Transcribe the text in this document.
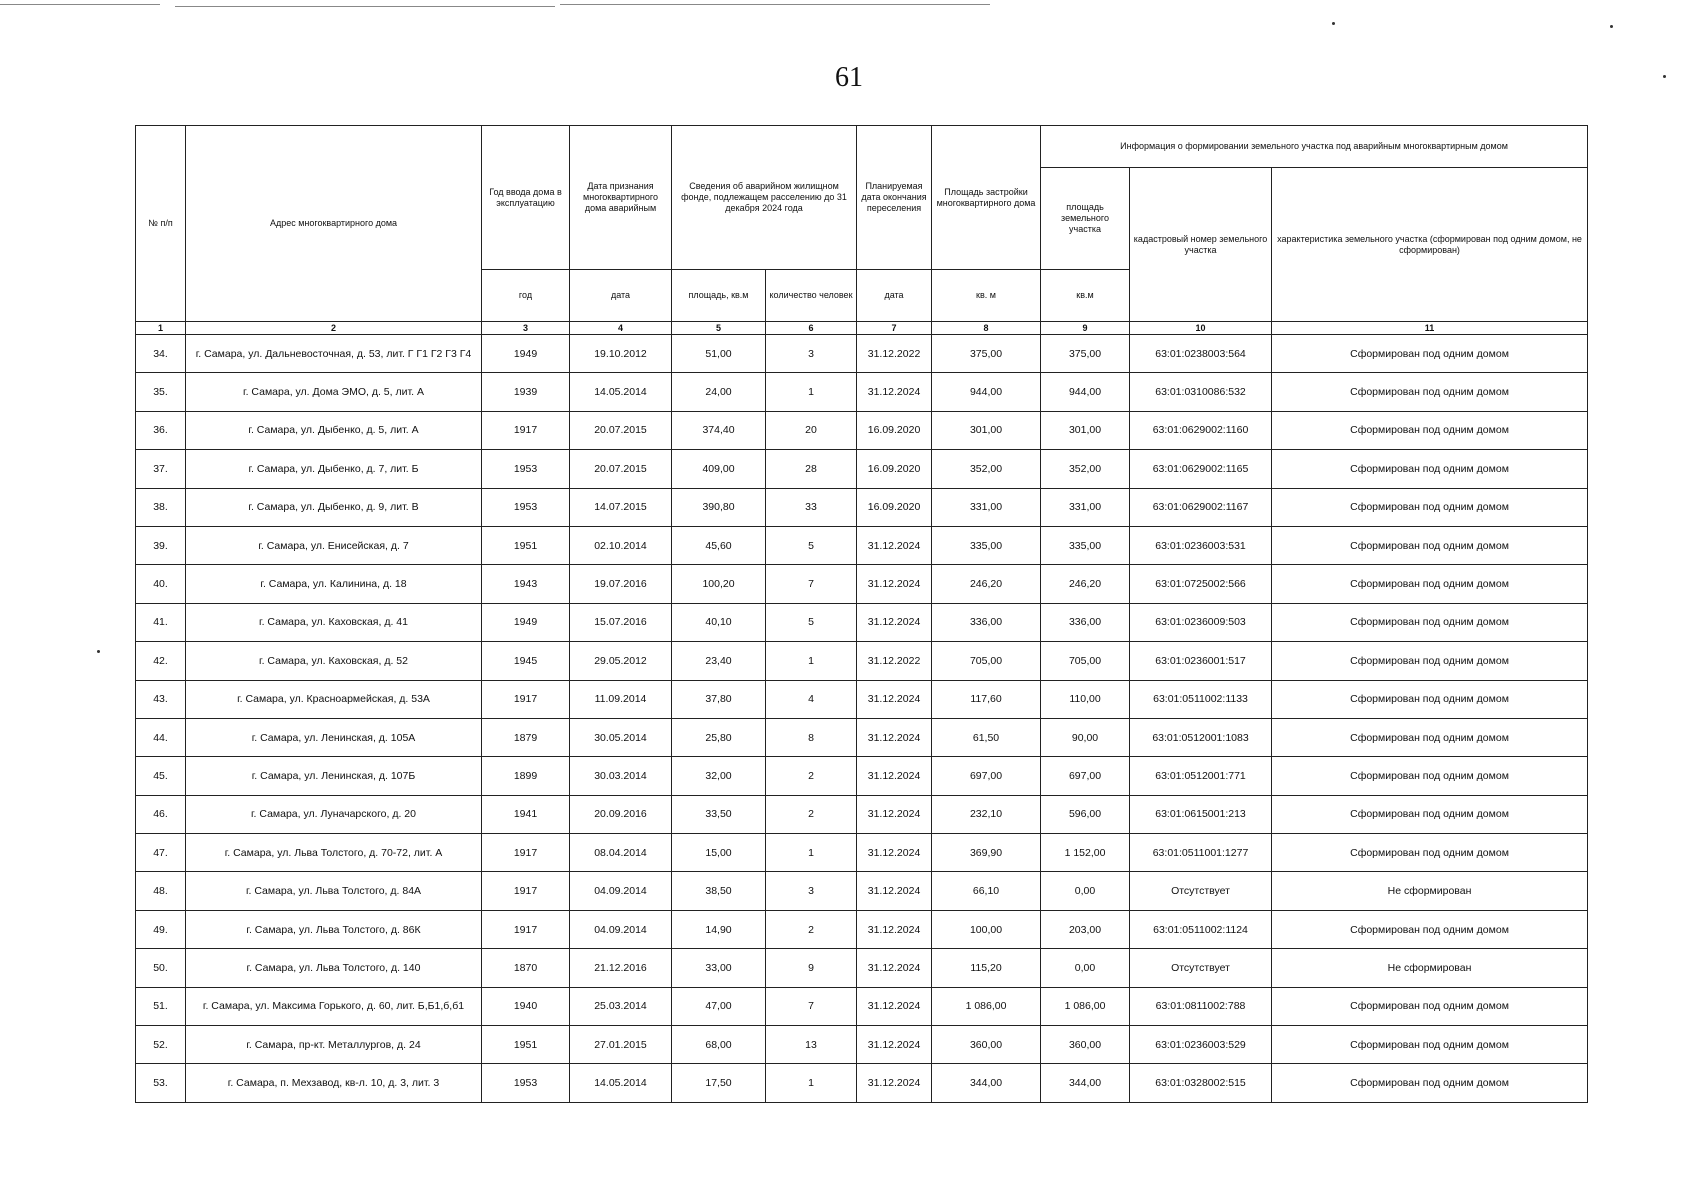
61
№ п/п	Адрес многоквартирного дома	Год ввода дома в эксплуатацию	Дата признания многоквартирного дома аварийным	Сведения об аварийном жилищном фонде, подлежащем расселению до 31 декабря 2024 года		Планируемая дата окончания переселения	Площадь застройки многоквартирного дома	Информация о формировании земельного участка под аварийным многоквартирным домом		
								площадь земельного участка	кадастровый номер земельного участка	характеристика земельного участка (сформирован под одним домом, не сформирован)
		год	дата	площадь, кв.м	количество человек	дата	кв. м	кв.м		
1	2	3	4	5	6	7	8	9	10	11
34.	г. Самара, ул. Дальневосточная, д. 53, лит. Г Г1 Г2 Г3 Г4	1949	19.10.2012	51,00	3	31.12.2022	375,00	375,00	63:01:0238003:564	Сформирован под одним домом
35.	г. Самара, ул. Дома ЭМО, д. 5, лит. А	1939	14.05.2014	24,00	1	31.12.2024	944,00	944,00	63:01:0310086:532	Сформирован под одним домом
36.	г. Самара, ул. Дыбенко, д. 5, лит. А	1917	20.07.2015	374,40	20	16.09.2020	301,00	301,00	63:01:0629002:1160	Сформирован под одним домом
37.	г. Самара, ул. Дыбенко, д. 7, лит. Б	1953	20.07.2015	409,00	28	16.09.2020	352,00	352,00	63:01:0629002:1165	Сформирован под одним домом
38.	г. Самара, ул. Дыбенко, д. 9, лит. В	1953	14.07.2015	390,80	33	16.09.2020	331,00	331,00	63:01:0629002:1167	Сформирован под одним домом
39.	г. Самара, ул. Енисейская, д. 7	1951	02.10.2014	45,60	5	31.12.2024	335,00	335,00	63:01:0236003:531	Сформирован под одним домом
40.	г. Самара, ул. Калинина, д. 18	1943	19.07.2016	100,20	7	31.12.2024	246,20	246,20	63:01:0725002:566	Сформирован под одним домом
41.	г. Самара, ул. Каховская, д. 41	1949	15.07.2016	40,10	5	31.12.2024	336,00	336,00	63:01:0236009:503	Сформирован под одним домом
42.	г. Самара, ул. Каховская, д. 52	1945	29.05.2012	23,40	1	31.12.2022	705,00	705,00	63:01:0236001:517	Сформирован под одним домом
43.	г. Самара, ул. Красноармейская, д. 53А	1917	11.09.2014	37,80	4	31.12.2024	117,60	110,00	63:01:0511002:1133	Сформирован под одним домом
44.	г. Самара, ул. Ленинская, д. 105А	1879	30.05.2014	25,80	8	31.12.2024	61,50	90,00	63:01:0512001:1083	Сформирован под одним домом
45.	г. Самара, ул. Ленинская, д. 107Б	1899	30.03.2014	32,00	2	31.12.2024	697,00	697,00	63:01:0512001:771	Сформирован под одним домом
46.	г. Самара, ул. Луначарского, д. 20	1941	20.09.2016	33,50	2	31.12.2024	232,10	596,00	63:01:0615001:213	Сформирован под одним домом
47.	г. Самара, ул. Льва Толстого, д. 70-72, лит. А	1917	08.04.2014	15,00	1	31.12.2024	369,90	1 152,00	63:01:0511001:1277	Сформирован под одним домом
48.	г. Самара, ул. Льва Толстого, д. 84А	1917	04.09.2014	38,50	3	31.12.2024	66,10	0,00	Отсутствует	Не сформирован
49.	г. Самара, ул. Льва Толстого, д. 86К	1917	04.09.2014	14,90	2	31.12.2024	100,00	203,00	63:01:0511002:1124	Сформирован под одним домом
50.	г. Самара, ул. Льва Толстого, д. 140	1870	21.12.2016	33,00	9	31.12.2024	115,20	0,00	Отсутствует	Не сформирован
51.	г. Самара, ул. Максима Горького, д. 60, лит. Б,Б1,б,б1	1940	25.03.2014	47,00	7	31.12.2024	1 086,00	1 086,00	63:01:0811002:788	Сформирован под одним домом
52.	г. Самара, пр-кт. Металлургов, д. 24	1951	27.01.2015	68,00	13	31.12.2024	360,00	360,00	63:01:0236003:529	Сформирован под одним домом
53.	г. Самара, п. Мехзавод, кв-л. 10, д. 3, лит. 3	1953	14.05.2014	17,50	1	31.12.2024	344,00	344,00	63:01:0328002:515	Сформирован под одним домом
